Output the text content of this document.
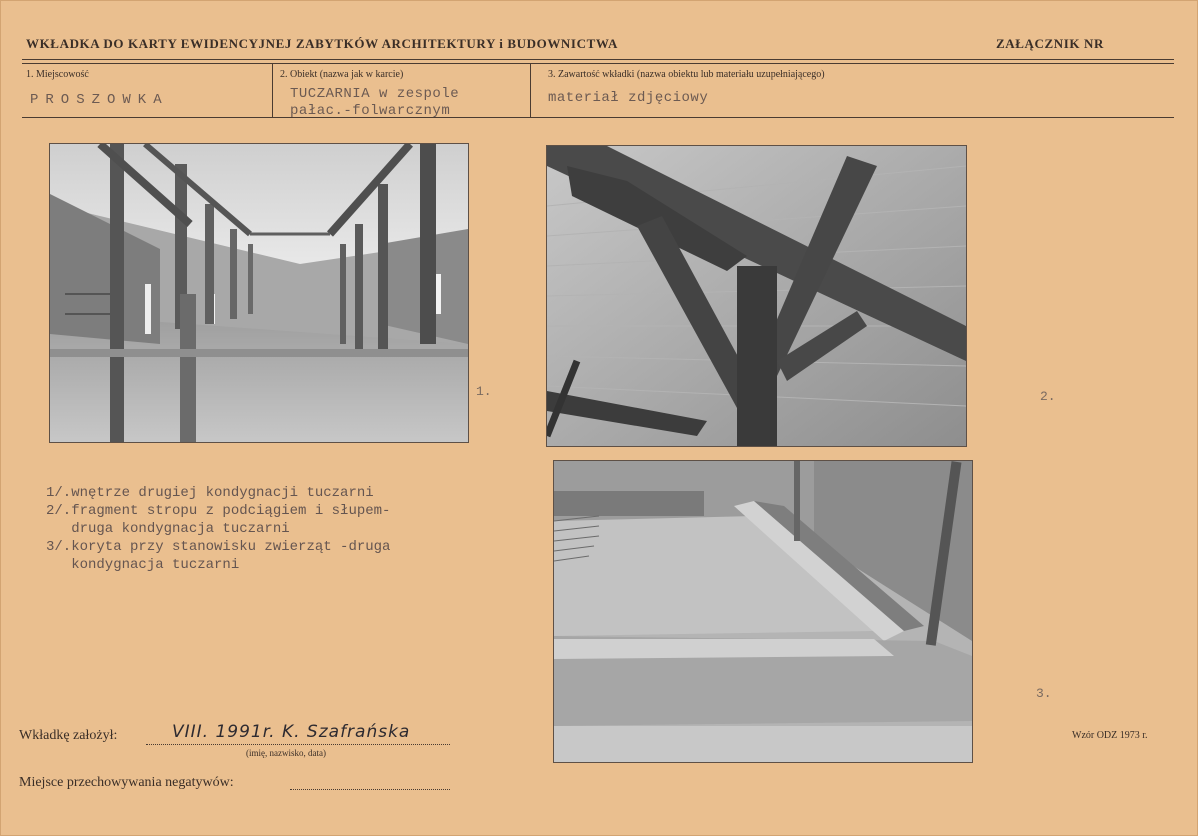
WKŁADKA DO KARTY EWIDENCYJNEJ ZABYTKÓW ARCHITEKTURY i BUDOWNICTWA	ZAŁĄCZNIK NR
1. Miejscowość
PROSZOWKA
2. Obiekt (nazwa jak w karcie)
TUCZARNIA w zespole
pałac.-folwarcznym
3. Zawartość wkładki (nazwa obiektu lub materiału uzupełniającego)
materiał zdjęciowy
1.	2.
3.
1/.wnętrze drugiej kondygnacji tuczarni
2/.fragment stropu z podciągiem i słupem-
druga kondygnacja tuczarni
3/.koryta przy stanowisku zwierząt -druga
kondygnacja tuczarni
Wkładkę założył:	VIII. 1991r. K. Szafrańska
(imię, nazwisko, data)
Miejsce przechowywania negatywów:
Wzór ODZ 1973 r.
